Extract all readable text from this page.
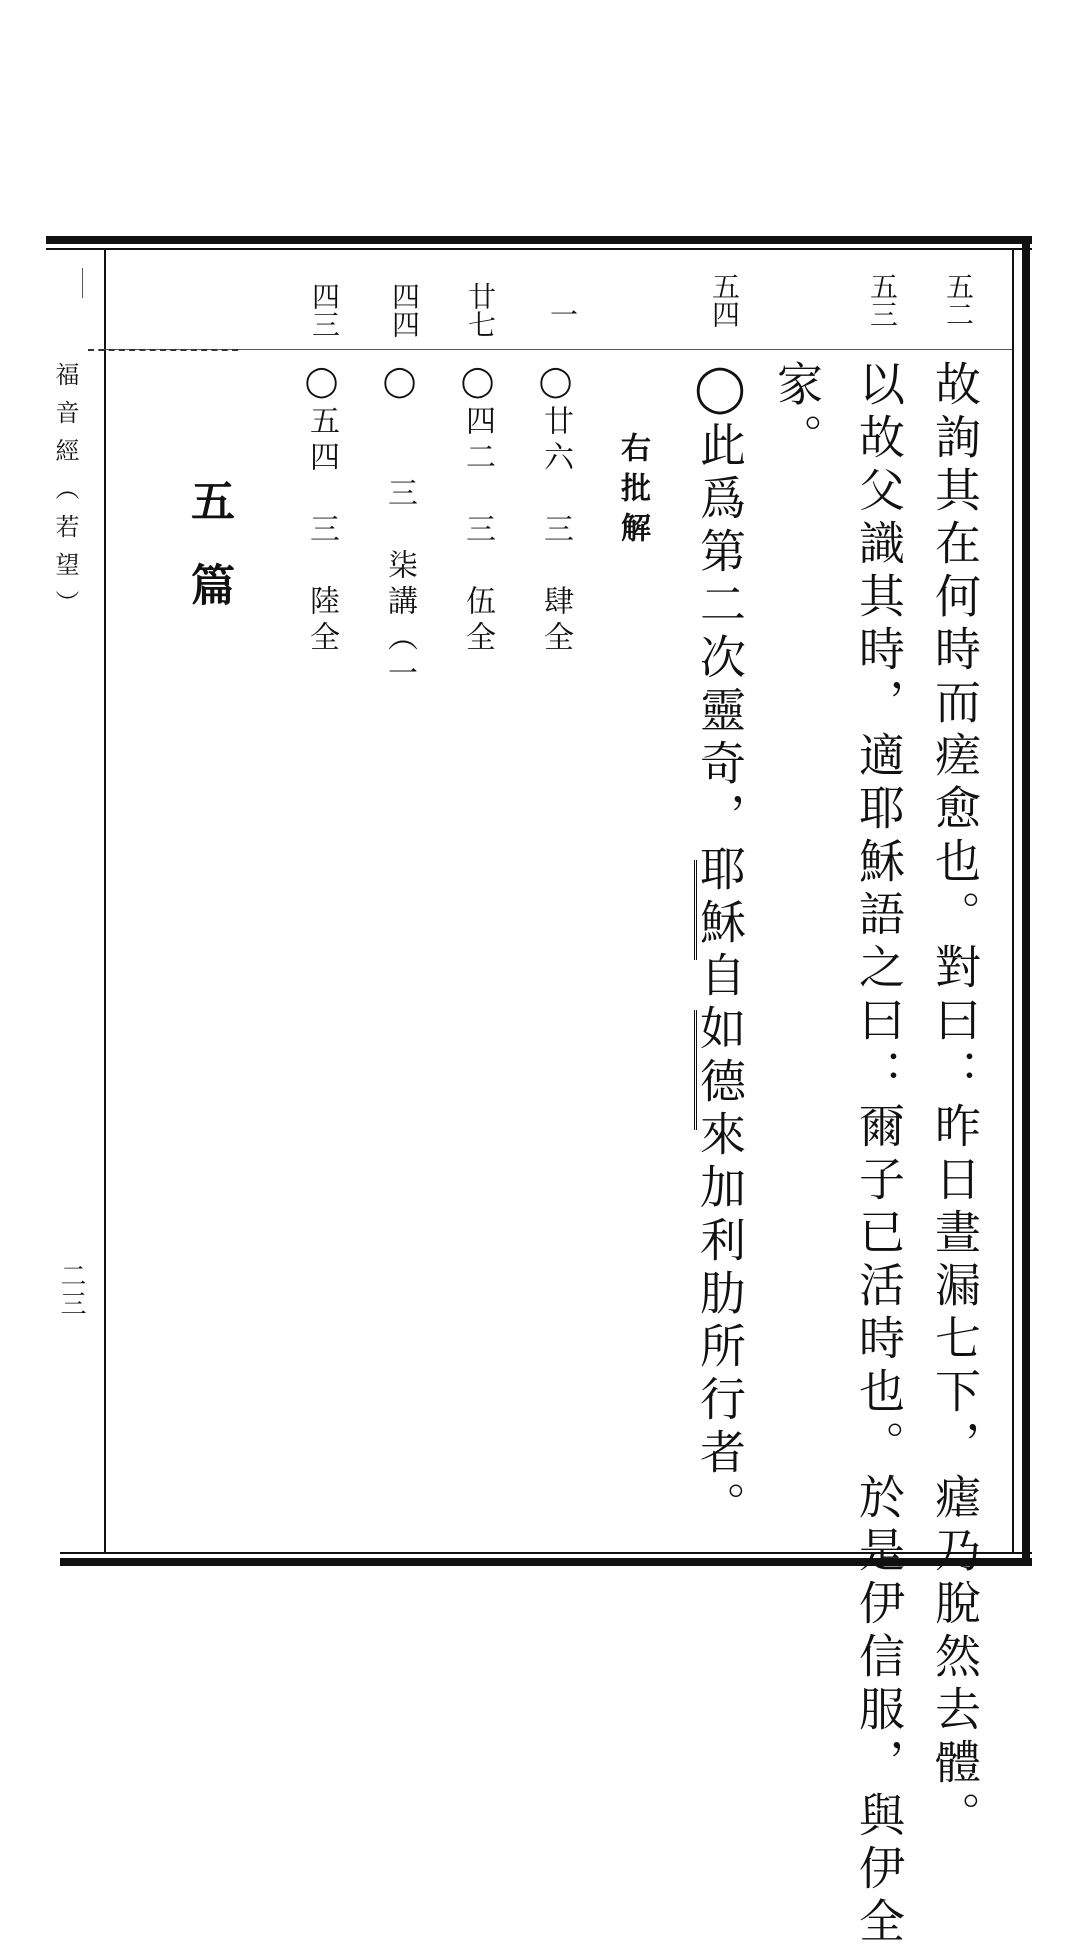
福音經（若望）
二三
五二
五三
五四
一
廿七
四四
四三
故詢其在何時而瘥愈也。對曰：昨日晝漏七下，瘧乃脫然去體。
以故父識其時，適耶穌語之曰：爾子已活時也。於是伊信服，與伊全
家。
◯此爲第二次靈奇，耶穌自如德來加利肋所行者。
右批解
◯廿六　三　肆全
◯四二　三　伍全
◯　　三　柒講（一
◯五四　三　陸全
五篇
